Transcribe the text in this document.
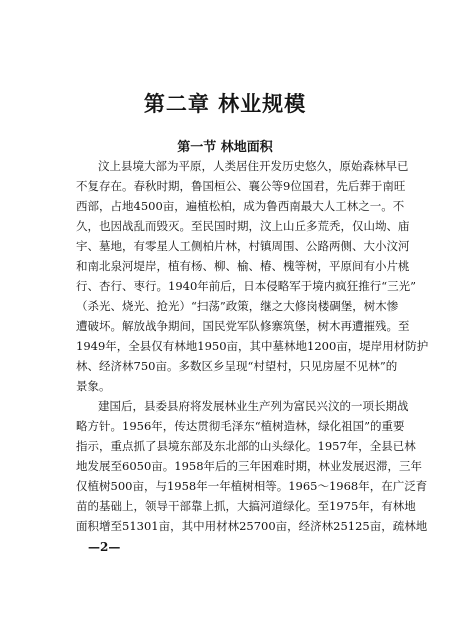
第二章 林业规模
第一节 林地面积
汶上县境大部为平原，人类居住开发历史悠久，原始森林早已
不复存在。春秋时期，鲁国桓公、襄公等9位国君，先后葬于南旺
西部，占地4500亩，遍植松柏，成为鲁西南最大人工林之一。不
久，也因战乱而毁灭。至民国时期，汶上山丘多荒秃，仅山坳、庙
宇、墓地，有零星人工侧柏片林，村镇周围、公路两侧、大小汶河
和南北泉河堤岸，植有杨、柳、榆、椿、槐等树，平原间有小片桃
行、杏行、枣行。1940年前后，日本侵略军于境内疯狂推行“三光”
（杀光、烧光、抢光）“扫荡”政策，继之大修岗楼碉堡，树木惨
遭破坏。解放战争期间，国民党军队修寨筑堡，树木再遭摧残。至
1949年，全县仅有林地1950亩，其中墓林地1200亩，堤岸用材防护
林、经济林750亩。多数区乡呈现“村望村，只见房屋不见林”的
景象。
建国后，县委县府将发展林业生产列为富民兴汶的一项长期战
略方针。1956年，传达贯彻毛泽东“植树造林，绿化祖国”的重要
指示，重点抓了县境东部及东北部的山头绿化。1957年，全县已林
地发展至6050亩。1958年后的三年困难时期，林业发展迟滞，三年
仅植树500亩，与1958年一年植树相等。1965～1968年，在广泛育
苗的基础上，领导干部靠上抓，大搞河道绿化。至1975年，有林地
面积增至51301亩，其中用材林25700亩，经济林25125亩，疏林地
—2—
